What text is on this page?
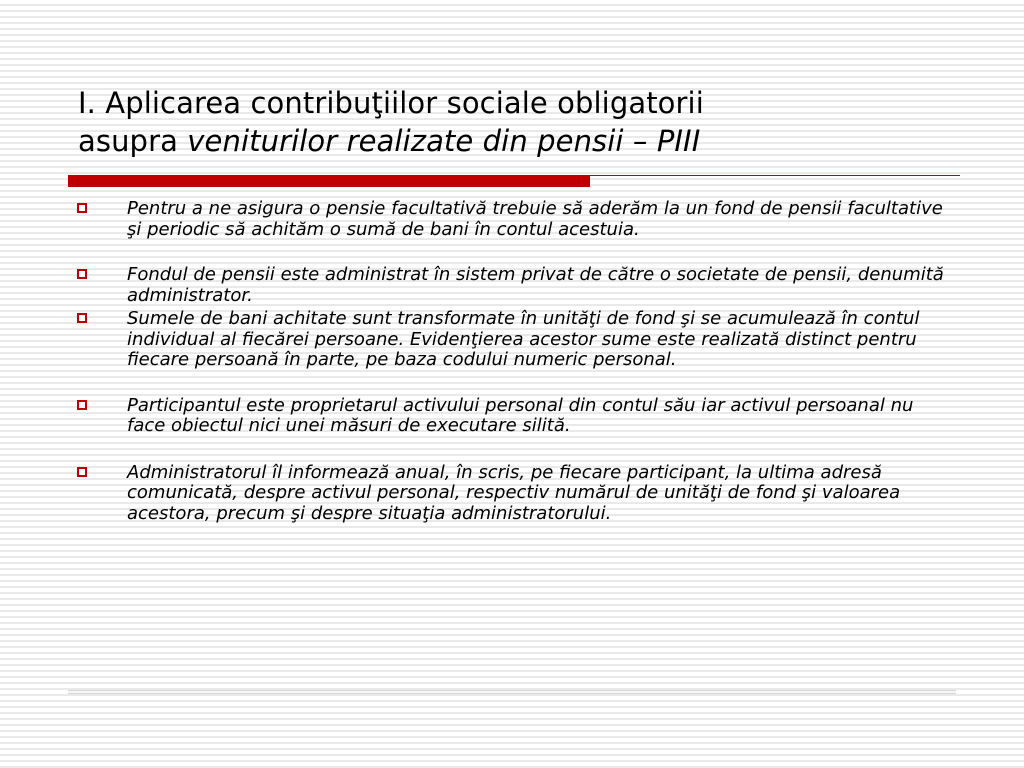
I. Aplicarea contribuţiilor sociale obligatorii
asupra veniturilor realizate din pensii – PIII
Pentru a ne asigura o pensie facultativă trebuie să aderăm la un fond de pensii facultative şi periodic să achităm o sumă de bani în contul acestuia.
Fondul de pensii este administrat în sistem privat de către o societate de pensii, denumită administrator.
Sumele de bani achitate sunt transformate în unităţi de fond şi se acumulează în contul individual al fiecărei persoane. Evidenţierea acestor sume este realizată distinct pentru fiecare persoană în parte, pe baza codului numeric personal.
Participantul este proprietarul activului personal din contul său iar activul persoanal nu face obiectul nici unei măsuri de executare silită.
Administratorul îl informează anual, în scris, pe fiecare participant, la ultima adresă comunicată, despre activul personal, respectiv numărul de unităţi de fond şi valoarea acestora, precum şi despre situaţia administratorului.
